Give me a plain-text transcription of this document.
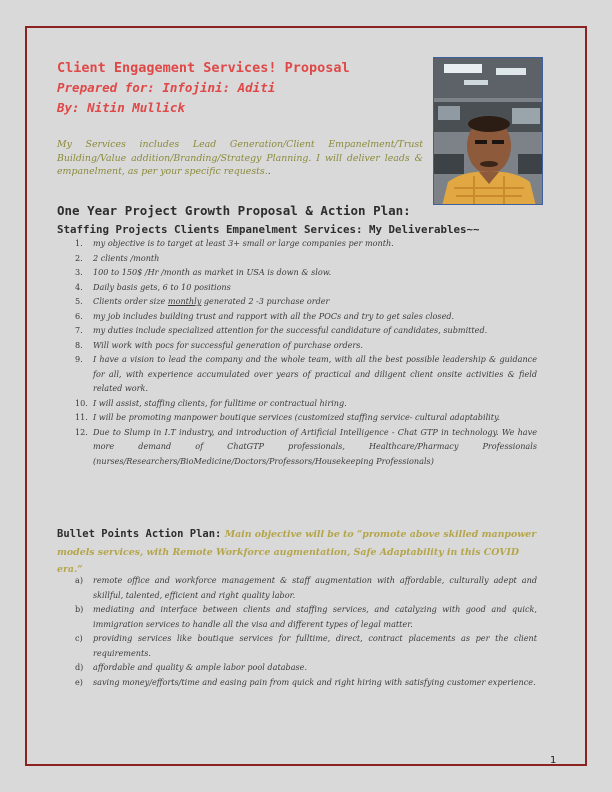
Client Engagement Services! Proposal
Prepared for: Infojini: Aditi
By: Nitin Mullick

My Services includes Lead Generation/Client Empanelment/Trust Building/Value addition/Branding/Strategy Planning. I will deliver leads & empanelment, as per your specific requests..

One Year Project Growth Proposal & Action Plan:
Staffing Projects Clients Empanelment Services: My Deliverables~~
1.	my objective is to target at least 3+ small or large companies per month.
2.	2 clients /month
3.	100 to 150$ /Hr /month as market in USA is down & slow.
4.	Daily basis gets, 6 to 10 positions
5.	Clients order size monthly generated 2 -3 purchase order
6.	my job includes building trust and rapport with all the POCs and try to get sales closed.
7.	my duties include specialized attention for the successful candidature of candidates, submitted.
8.	Will work with pocs for successful generation of purchase orders.
9.	I have a vision to lead the company and the whole team, with all the best possible leadership & guidance for all, with experience accumulated over years of practical and diligent client onsite activities & field related work.
10. I will assist, staffing clients, for fulltime or contractual hiring.
11. I will be promoting manpower boutique services (customized staffing service- cultural adaptability.
12. Due to Slump in I.T industry, and introduction of Artificial Intelligence - Chat GTP in technology. We have more demand of ChatGTP professionals, Healthcare/Pharmacy Professionals (nurses/Researchers/BioMedicine/Doctors/Professors/Housekeeping Professionals)
Bullet Points Action Plan: Main objective will be to “promote above skilled manpower models services, with Remote Workforce augmentation, Safe Adaptability in this COVID era.”
a)	remote office and workforce management & staff augmentation with affordable, culturally adept and skillful, talented, efficient and right quality labor.
b)	mediating and interface between clients and staffing services, and catalyzing with good and quick, immigration services to handle all the visa and different types of legal matter.
c)	providing services like boutique services for fulltime, direct, contract placements as per the client requirements.
d)	affordable and quality & ample labor pool database.
e)	saving money/efforts/time and easing pain from quick and right hiring with satisfying customer experience.
1
